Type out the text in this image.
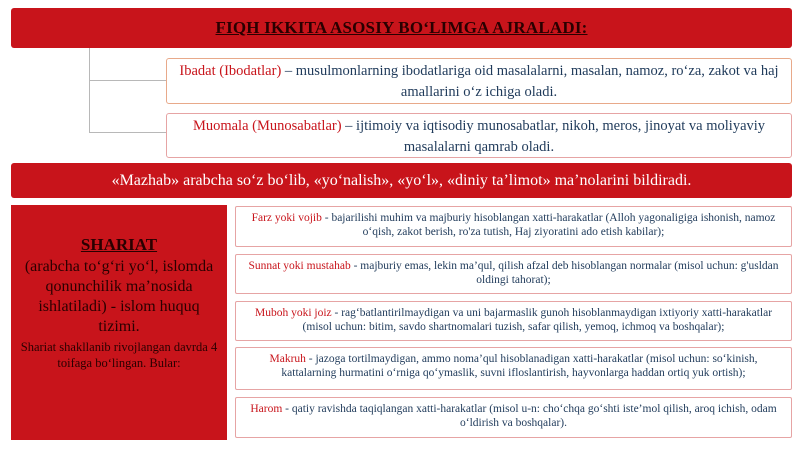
FIQH IKKITA ASOSIY BO‘LIMGA AJRALADI:
Ibadat (Ibodatlar) – musulmonlarning ibodatlariga oid masalalarni, masalan, namoz, ro‘za, zakot va haj amallarini o‘z ichiga oladi.
Muomala (Munosabatlar) – ijtimoiy va iqtisodiy munosabatlar, nikoh, meros, jinoyat va moliyaviy masalalarni qamrab oladi.
«Mazhab» arabcha so‘z bo‘lib, «yo‘nalish», «yo‘l», «diniy ta’limot» ma’nolarini bildiradi.
SHARIAT
(arabcha to‘g‘ri yo‘l, islomda qonunchilik ma’nosida ishlatiladi) - islom huquq tizimi.
Shariat shakllanib rivojlangan davrda 4 toifaga bo‘lingan. Bular:
Farz yoki vojib - bajarilishi muhim va majburiy hisoblangan xatti-harakatlar (Alloh yagonaligiga ishonish, namoz o‘qish, zakot berish, ro'za tutish, Haj ziyoratini ado etish kabilar);
Sunnat yoki mustahab - majburiy emas, lekin ma’qul, qilish afzal deb hisoblangan normalar (misol uchun: g'usldan oldingi tahorat);
Muboh yoki joiz - rag‘batlantirilmaydigan va uni bajarmaslik gunoh hisoblanmaydigan ixtiyoriy xatti-harakatlar (misol uchun: bitim, savdo shartnomalari tuzish, safar qilish, yemoq, ichmoq va boshqalar);
Makruh - jazoga tortilmaydigan, ammo noma’qul hisoblanadigan xatti-harakatlar (misol uchun: so‘kinish, kattalarning hurmatini o‘rniga qo‘ymaslik, suvni ifloslantirish, hayvonlarga haddan ortiq yuk ortish);
Harom - qatiy ravishda taqiqlangan xatti-harakatlar (misol u-n: cho‘chqa go‘shti iste’mol qilish, aroq ichish, odam o‘ldirish va boshqalar).
